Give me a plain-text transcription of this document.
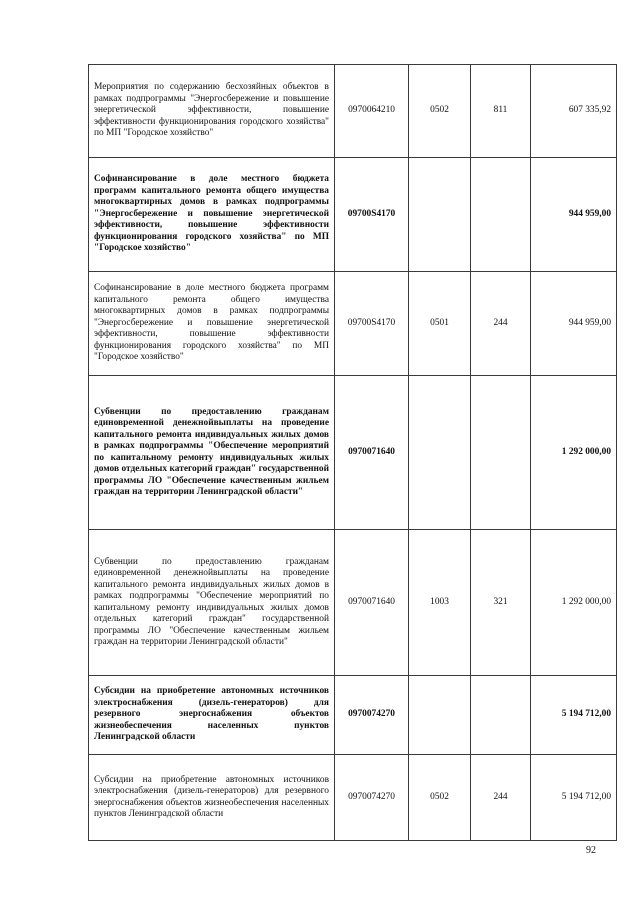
Мероприятия по содержанию бесхозяйных объектов в рамках подпрограммы "Энергосбережение и повышение энергетической эффективности, повышение эффективности функционирования городского хозяйства" по МП "Городское хозяйство"	0970064210	0502	811	607 335,92

Софинансирование в доле местного бюджета программ капитального ремонта общего имущества многоквартирных домов в рамках подпрограммы "Энергосбережение и повышение энергетической эффективности, повышение эффективности функционирования городского хозяйства" по МП "Городское хозяйство"	09700S4170			944 959,00

Софинансирование в доле местного бюджета программ капитального ремонта общего имущества многоквартирных домов в рамках подпрограммы "Энергосбережение и повышение энергетической эффективности, повышение эффективности функционирования городского хозяйства" по МП "Городское хозяйство"	09700S4170	0501	244	944 959,00

Субвенции по предоставлению гражданам единовременной денежнойвыплаты на проведение капитального ремонта индивидуальных жилых домов в рамках подпрограммы "Обеспечение мероприятий по капитальному ремонту индивидуальных жилых домов отдельных категорий граждан" государственной программы ЛО "Обеспечение качественным жильем граждан на территории Ленинградской области"	0970071640			1 292 000,00

Субвенции по предоставлению гражданам единовременной денежнойвыплаты на проведение капитального ремонта индивидуальных жилых домов в рамках подпрограммы "Обеспечение мероприятий по капитальному ремонту индивидуальных жилых домов отдельных категорий граждан" государственной программы ЛО "Обеспечение качественным жильем граждан на территории Ленинградской области"	0970071640	1003	321	1 292 000,00

Субсидии на приобретение автономных источников электроснабжения (дизель-генераторов) для резервного энергоснабжения объектов жизнеобеспечения населенных пунктов Ленинградской области	0970074270			5 194 712,00

Субсидии на приобретение автономных источников электроснабжения (дизель-генераторов) для резервного энергоснабжения объектов жизнеобеспечения населенных пунктов Ленинградской области	0970074270	0502	244	5 194 712,00
92
